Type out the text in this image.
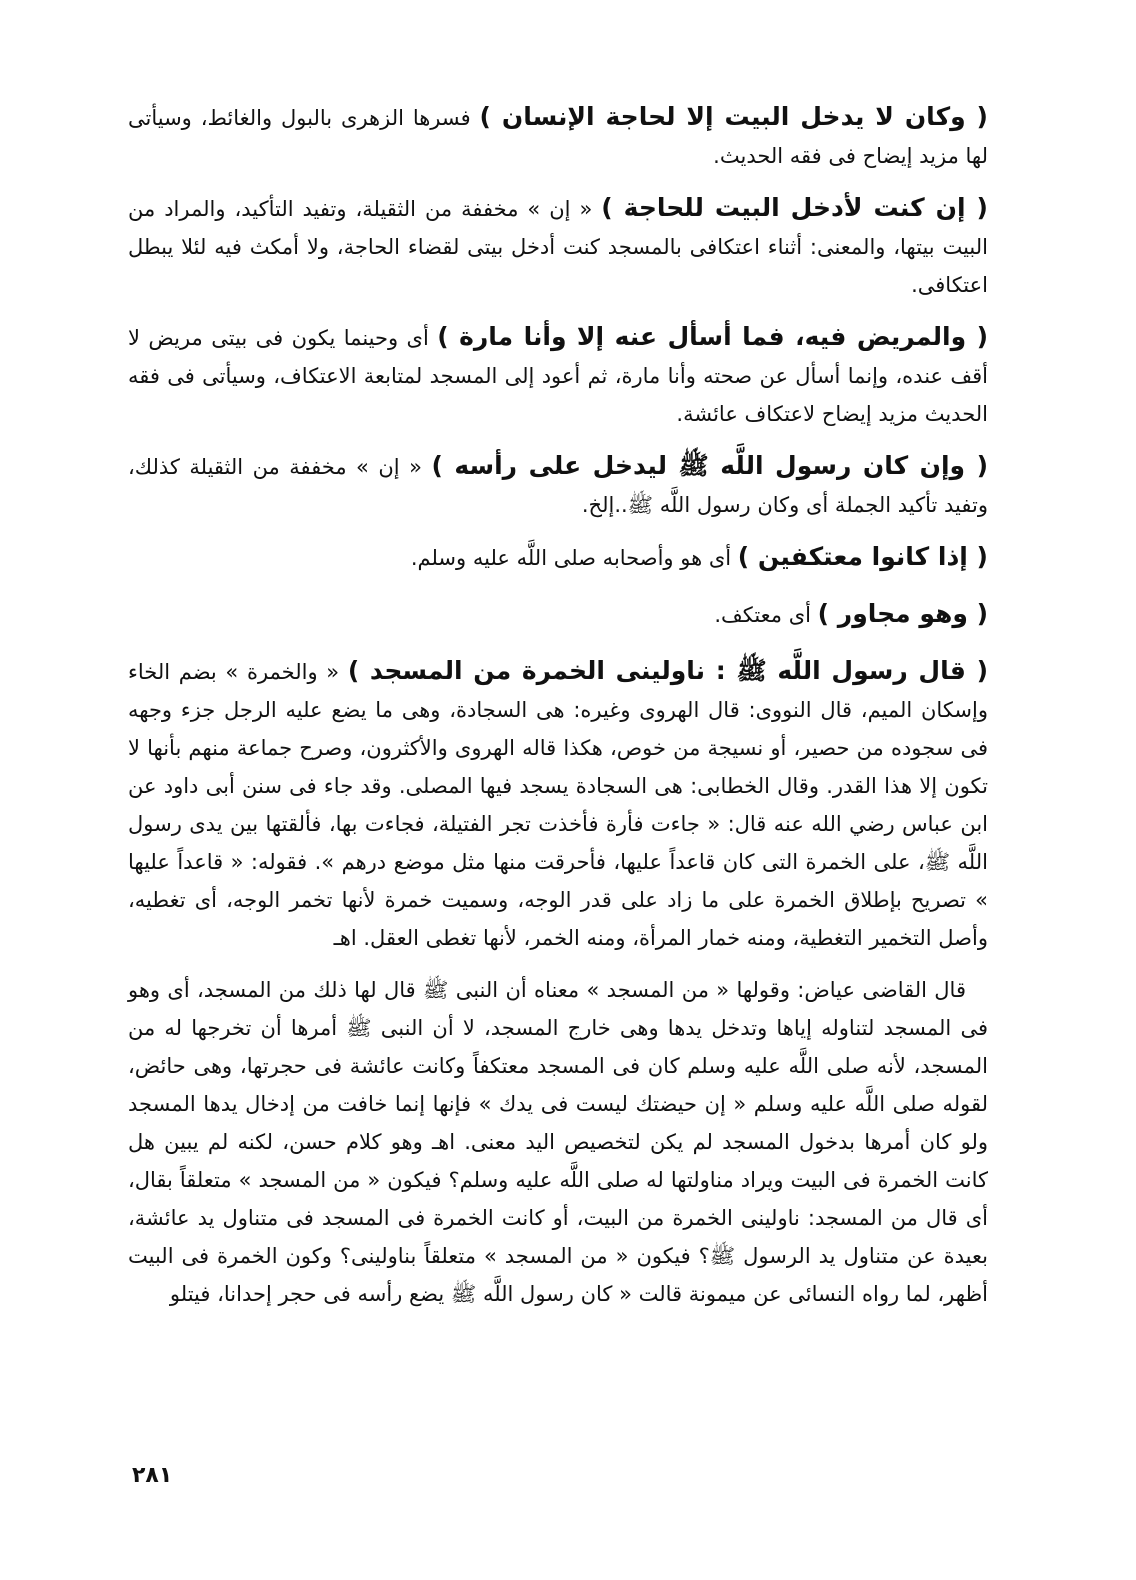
( وكان لا يدخل البيت إلا لحاجة الإنسان ) فسرها الزهرى بالبول والغائط، وسيأتى لها مزيد إيضاح فى فقه الحديث.

( إن كنت لأدخل البيت للحاجة ) « إن » مخففة من الثقيلة، وتفيد التأكيد، والمراد من البيت بيتها، والمعنى: أثناء اعتكافى بالمسجد كنت أدخل بيتى لقضاء الحاجة، ولا أمكث فيه لئلا يبطل اعتكافى.

( والمريض فيه، فما أسأل عنه إلا وأنا مارة ) أى وحينما يكون فى بيتى مريض لا أقف عنده، وإنما أسأل عن صحته وأنا مارة، ثم أعود إلى المسجد لمتابعة الاعتكاف، وسيأتى فى فقه الحديث مزيد إيضاح لاعتكاف عائشة.

( وإن كان رسول اللَّه ﷺ ليدخل على رأسه ) « إن » مخففة من الثقيلة كذلك، وتفيد تأكيد الجملة أى وكان رسول اللَّه ﷺ..إلخ.

( إذا كانوا معتكفين ) أى هو وأصحابه صلى اللَّه عليه وسلم.

( وهو مجاور ) أى معتكف.

( قال رسول اللَّه ﷺ : ناولينى الخمرة من المسجد ) « والخمرة » بضم الخاء وإسكان الميم، قال النووى: قال الهروى وغيره: هى السجادة، وهى ما يضع عليه الرجل جزء وجهه فى سجوده من حصير، أو نسيجة من خوص، هكذا قاله الهروى والأكثرون، وصرح جماعة منهم بأنها لا تكون إلا هذا القدر. وقال الخطابى: هى السجادة يسجد فيها المصلى. وقد جاء فى سنن أبى داود عن ابن عباس رضي الله عنه قال: « جاءت فأرة فأخذت تجر الفتيلة، فجاءت بها، فألقتها بين يدى رسول اللَّه ﷺ، على الخمرة التى كان قاعداً عليها، فأحرقت منها مثل موضع درهم ». فقوله: « قاعداً عليها » تصريح بإطلاق الخمرة على ما زاد على قدر الوجه، وسميت خمرة لأنها تخمر الوجه، أى تغطيه، وأصل التخمير التغطية، ومنه خمار المرأة، ومنه الخمر، لأنها تغطى العقل. اهـ

قال القاضى عياض: وقولها « من المسجد » معناه أن النبى ﷺ قال لها ذلك من المسجد، أى وهو فى المسجد لتناوله إياها وتدخل يدها وهى خارج المسجد، لا أن النبى ﷺ أمرها أن تخرجها له من المسجد، لأنه صلى اللَّه عليه وسلم كان فى المسجد معتكفاً وكانت عائشة فى حجرتها، وهى حائض، لقوله صلى اللَّه عليه وسلم « إن حيضتك ليست فى يدك » فإنها إنما خافت من إدخال يدها المسجد ولو كان أمرها بدخول المسجد لم يكن لتخصيص اليد معنى. اهـ وهو كلام حسن، لكنه لم يبين هل كانت الخمرة فى البيت ويراد مناولتها له صلى اللَّه عليه وسلم؟ فيكون « من المسجد » متعلقاً بقال، أى قال من المسجد: ناولينى الخمرة من البيت، أو كانت الخمرة فى المسجد فى متناول يد عائشة، بعيدة عن متناول يد الرسول ﷺ؟ فيكون « من المسجد » متعلقاً بناولينى؟ وكون الخمرة فى البيت أظهر، لما رواه النسائى عن ميمونة قالت « كان رسول اللَّه ﷺ يضع رأسه فى حجر إحدانا، فيتلو

٢٨١
